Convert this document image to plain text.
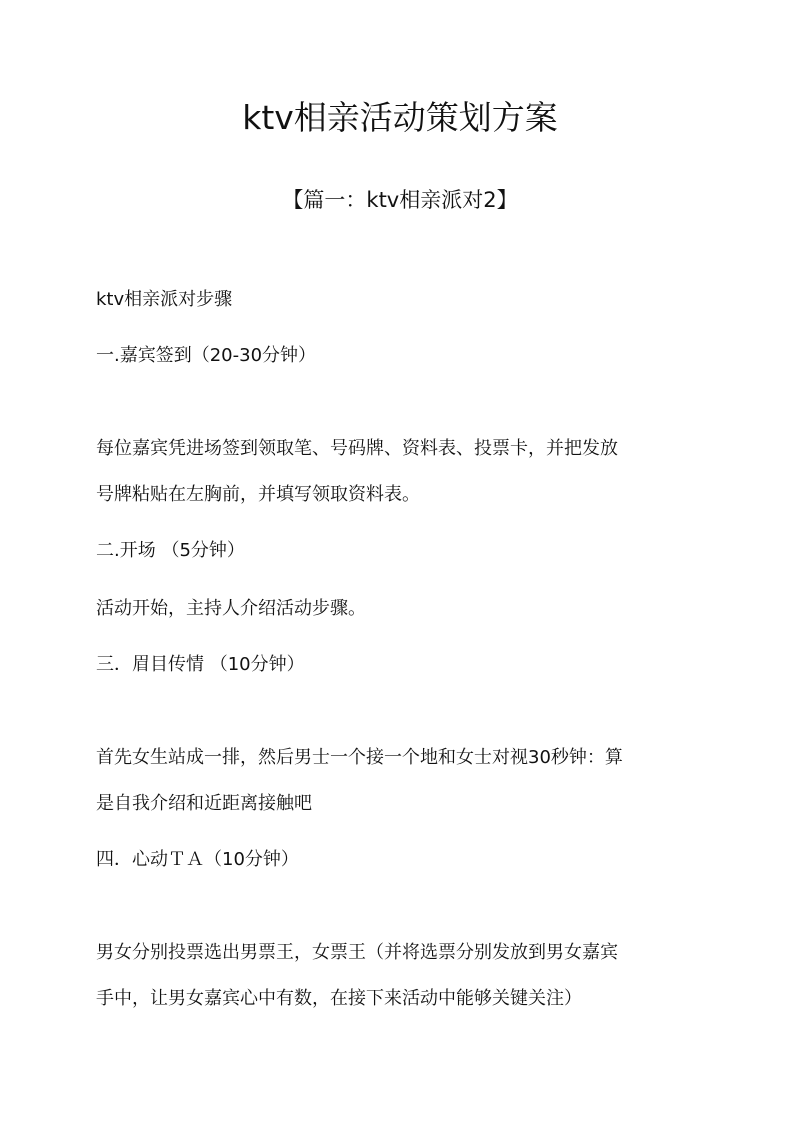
ktv相亲活动策划方案
【篇一：ktv相亲派对2】
ktv相亲派对步骤
一.嘉宾签到（20-30分钟）
每位嘉宾凭进场签到领取笔、号码牌、资料表、投票卡，并把发放
号牌粘贴在左胸前，并填写领取资料表。
二.开场 （5分钟）
活动开始，主持人介绍活动步骤。
三．眉目传情 （10分钟）
首先女生站成一排，然后男士一个接一个地和女士对视30秒钟：算
是自我介绍和近距离接触吧
四．心动ＴＡ（10分钟）
男女分别投票选出男票王，女票王（并将选票分别发放到男女嘉宾
手中，让男女嘉宾心中有数，在接下来活动中能够关键关注）
